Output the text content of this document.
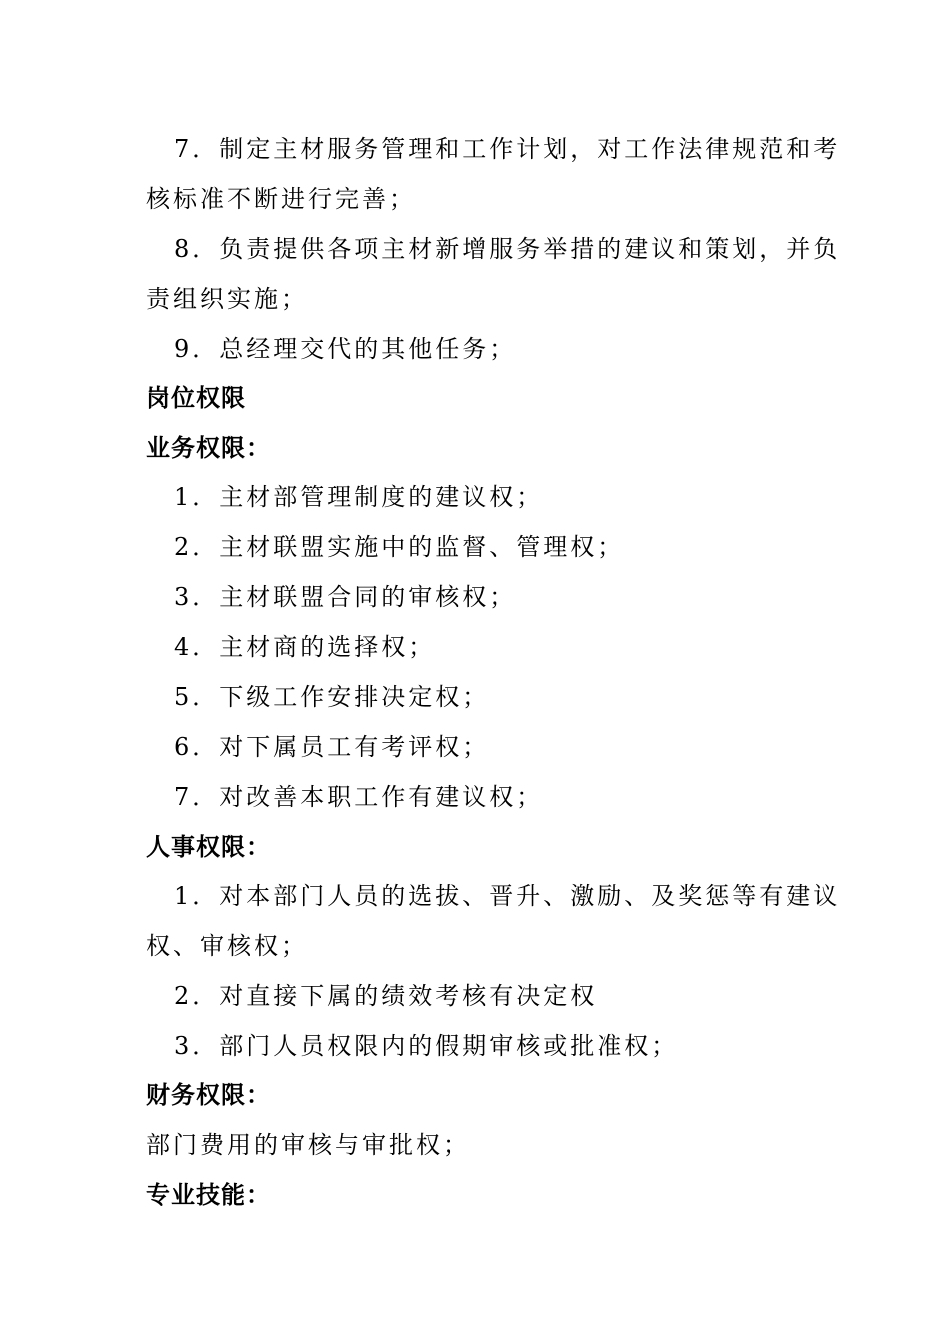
7．制定主材服务管理和工作计划，对工作法律规范和考
核标准不断进行完善；
8．负责提供各项主材新增服务举措的建议和策划，并负
责组织实施；
9．总经理交代的其他任务；
岗位权限
业务权限：
1．主材部管理制度的建议权；
2．主材联盟实施中的监督、管理权；
3．主材联盟合同的审核权；
4．主材商的选择权；
5．下级工作安排决定权；
6．对下属员工有考评权；
7．对改善本职工作有建议权；
人事权限：
1．对本部门人员的选拔、晋升、激励、及奖惩等有建议
权、审核权；
2．对直接下属的绩效考核有决定权
3．部门人员权限内的假期审核或批准权；
财务权限：
部门费用的审核与审批权；
专业技能：
